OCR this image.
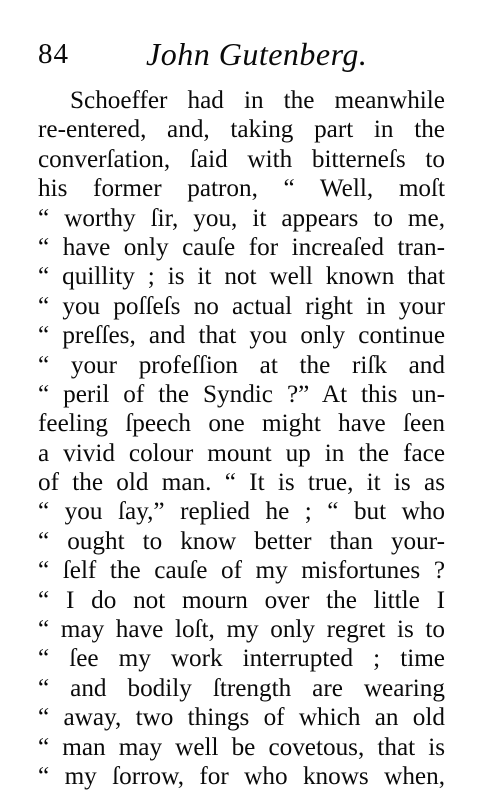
84 John Gutenberg.
Schoeffer had in the meanwhile
re-entered, and, taking part in the
converſation, ſaid with bitterneſs to
his former patron, “ Well, moſt
“ worthy ſir, you, it appears to me,
“ have only cauſe for increaſed tran-
“ quillity ; is it not well known that
“ you poſſeſs no actual right in your
“ preſſes, and that you only continue
“ your profeſſion at the riſk and
“ peril of the Syndic ?” At this un-
feeling ſpeech one might have ſeen
a vivid colour mount up in the face
of the old man. “ It is true, it is as
“ you ſay,” replied he ; “ but who
“ ought to know better than your-
“ ſelf the cauſe of my misfortunes ?
“ I do not mourn over the little I
“ may have loſt, my only regret is to
“ ſee my work interrupted ; time
“ and bodily ſtrength are wearing
“ away, two things of which an old
“ man may well be covetous, that is
“ my ſorrow, for who knows when,
